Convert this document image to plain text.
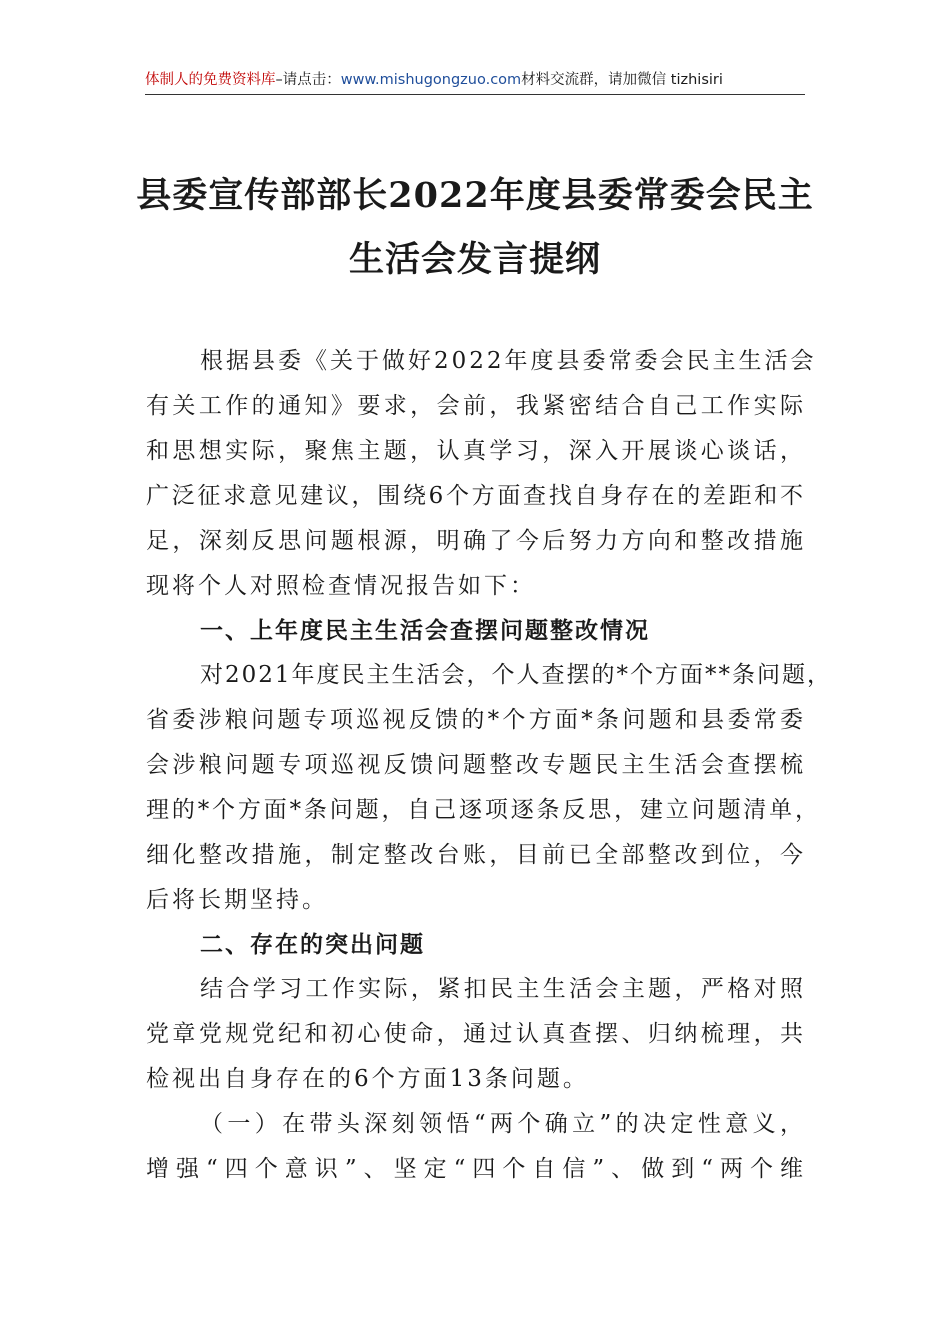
体制人的免费资料库–请点击：www.mishugongzuo.com材料交流群，请加微信 tizhisiri
县委宣传部部长2022年度县委常委会民主
生活会发言提纲
根据县委《关于做好2022年度县委常委会民主生活会
有关工作的通知》要求，会前，我紧密结合自己工作实际
和思想实际，聚焦主题，认真学习，深入开展谈心谈话，
广泛征求意见建议，围绕6个方面查找自身存在的差距和不
足，深刻反思问题根源，明确了今后努力方向和整改措施
现将个人对照检查情况报告如下：
一、上年度民主生活会查摆问题整改情况
对2021年度民主生活会，个人查摆的*个方面**条问题，
省委涉粮问题专项巡视反馈的*个方面*条问题和县委常委
会涉粮问题专项巡视反馈问题整改专题民主生活会查摆梳
理的*个方面*条问题，自己逐项逐条反思，建立问题清单，
细化整改措施，制定整改台账，目前已全部整改到位，今
后将长期坚持。
二、存在的突出问题
结合学习工作实际，紧扣民主生活会主题，严格对照
党章党规党纪和初心使命，通过认真查摆、归纳梳理，共
检视出自身存在的6个方面13条问题。
（一）在带头深刻领悟“两个确立”的决定性意义，
增强“四个意识”、坚定“四个自信”、做到“两个维
